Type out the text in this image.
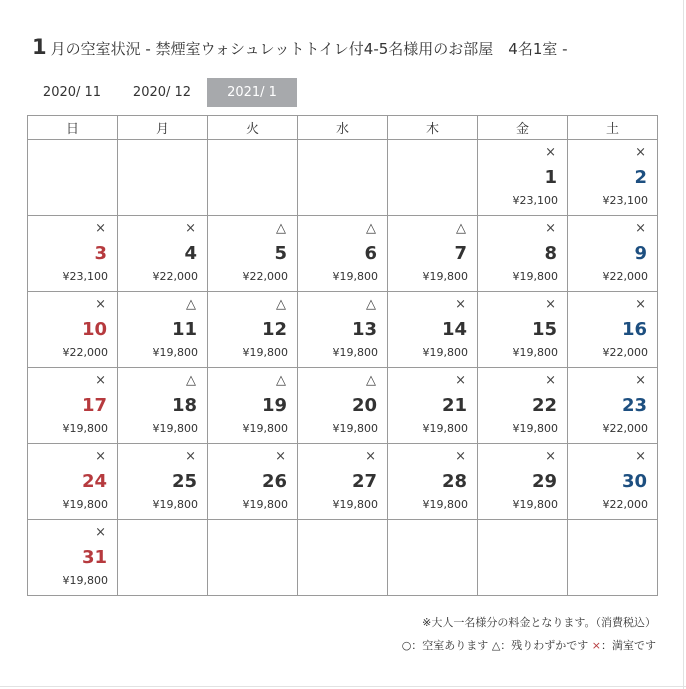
1 月の空室状況 - 禁煙室ウォシュレットトイレ付4-5名様用のお部屋　4名1室 -
2020/ 11	2020/ 12	2021/ 1
日	月	火	水	木	金	土

					×
1
¥23,100	×
2
¥23,100

×
3
¥23,100	×
4
¥22,000	△
5
¥22,000	△
6
¥19,800	△
7
¥19,800	×
8
¥19,800	×
9
¥22,000

×
10
¥22,000	△
11
¥19,800	△
12
¥19,800	△
13
¥19,800	×
14
¥19,800	×
15
¥19,800	×
16
¥22,000

×
17
¥19,800	△
18
¥19,800	△
19
¥19,800	△
20
¥19,800	×
21
¥19,800	×
22
¥19,800	×
23
¥22,000

×
24
¥19,800	×
25
¥19,800	×
26
¥19,800	×
27
¥19,800	×
28
¥19,800	×
29
¥19,800	×
30
¥22,000

×
31
¥19,800						

※大人一名様分の料金となります。（消費税込）
○：空室あります △：残りわずかです ×：満室です
